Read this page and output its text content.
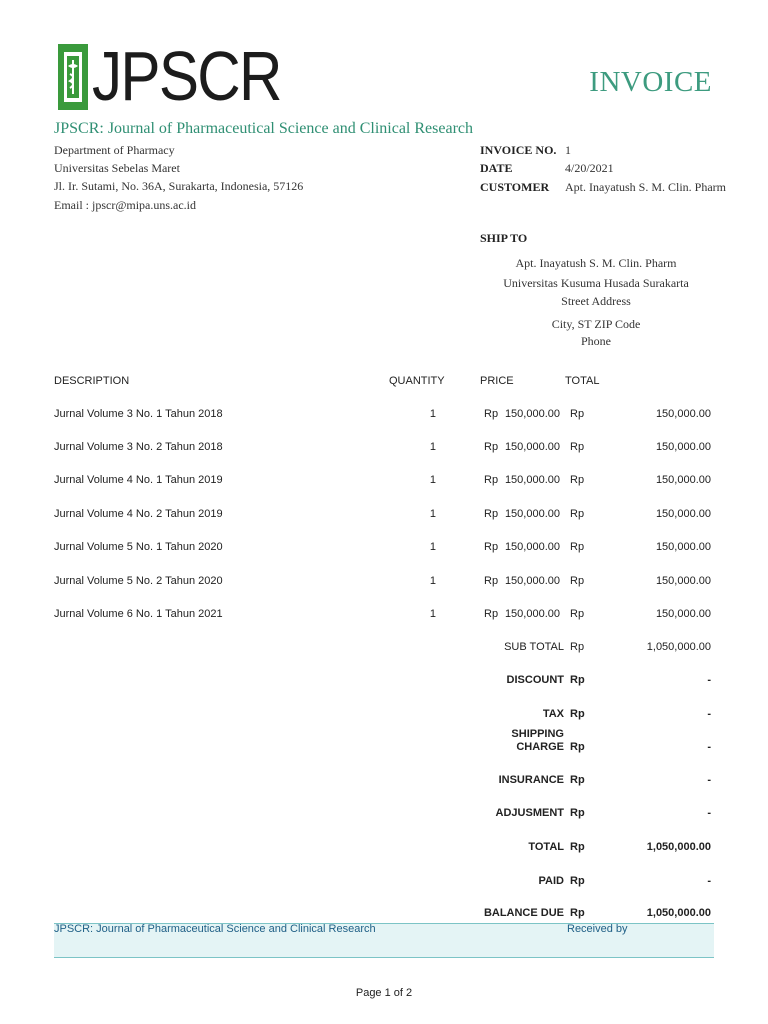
JPSCR	INVOICE
JPSCR: Journal of Pharmaceutical Science and Clinical Research
Department of Pharmacy
Universitas Sebelas Maret
Jl. Ir. Sutami, No. 36A, Surakarta, Indonesia, 57126
Email : jpscr@mipa.uns.ac.id
INVOICE NO. 1
DATE	4/20/2021
CUSTOMER Apt. Inayatush S. M. Clin. Pharm
SHIP TO
Apt. Inayatush S. M. Clin. Pharm
Universitas Kusuma Husada Surakarta
Street Address
City, ST ZIP Code
Phone
DESCRIPTION	QUANTITY	PRICE	TOTAL
Jurnal Volume 3 No. 1 Tahun 2018	1	Rp 150,000.00 Rp	150,000.00
Jurnal Volume 3 No. 2 Tahun 2018	1	Rp 150,000.00 Rp	150,000.00
Jurnal Volume 4 No. 1 Tahun 2019	1	Rp 150,000.00 Rp	150,000.00
Jurnal Volume 4 No. 2 Tahun 2019	1	Rp 150,000.00 Rp	150,000.00
Jurnal Volume 5 No. 1 Tahun 2020	1	Rp 150,000.00 Rp	150,000.00
Jurnal Volume 5 No. 2 Tahun 2020	1	Rp 150,000.00 Rp	150,000.00
Jurnal Volume 6 No. 1 Tahun 2021	1	Rp 150,000.00 Rp	150,000.00
SUB TOTAL Rp	1,050,000.00
DISCOUNT Rp	-
TAX Rp	-
SHIPPING
CHARGE Rp	-
INSURANCE Rp	-
ADJUSMENT Rp	-
TOTAL Rp	1,050,000.00
PAID Rp	-
BALANCE DUE Rp	1,050,000.00
JPSCR: Journal of Pharmaceutical Science and Clinical Research	Received by
Page 1 of 2
